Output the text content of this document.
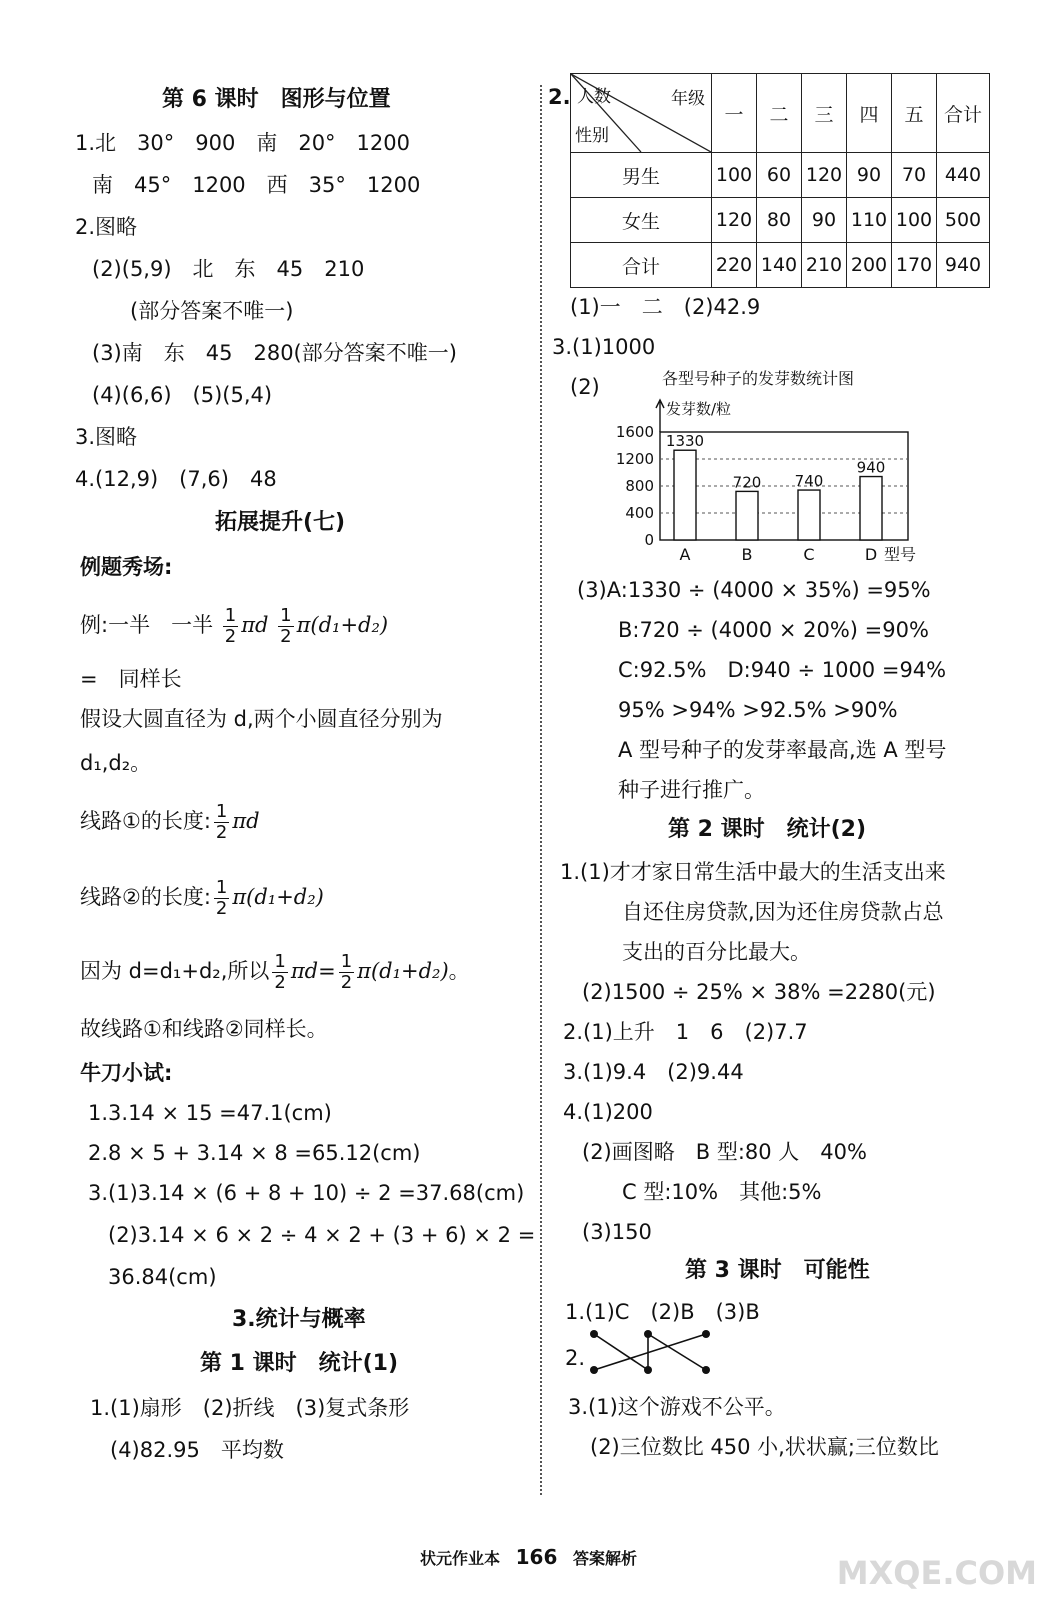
第 6 课时　图形与位置
1.北　30°　900　南　20°　1200
南　45°　1200　西　35°　1200
2.图略
(2)(5,9)　北　东　45　210
(部分答案不唯一)
(3)南　东　45　280(部分答案不唯一)
(4)(6,6)　(5)(5,4)
3.图略
4.(12,9)　(7,6)　48
拓展提升(七)
例题秀场:
例:一半　一半 $\frac{1}{2}$ πd $\frac{1}{2} \pi(d_1+d_2)$
=　同样长
假设大圆直径为 d,两个小圆直径分别为
d₁,d₂。
线路①的长度: $\frac{1}{2}$ πd
线路②的长度: $\frac{1}{2} \pi(d_1+d_2)$
因为 d=d₁+d₂,所以 $\frac{1}{2} \pi d= \frac{1}{2} \pi(d_1+d_2)$。
故线路①和线路②同样长。
牛刀小试:
1.3.14 × 15 =47.1(cm)
2.8 × 5 + 3.14 × 8 =65.12(cm)
3.(1)3.14 × (6 + 8 + 10) ÷ 2 =37.68(cm)
(2)3.14 × 6 × 2 ÷ 4 × 2 + (3 + 6) × 2 =
36.84(cm)
3.统计与概率
第 1 课时　统计(1)
1.(1)扇形　(2)折线　(3)复式条形
(4)82.95　平均数
2. 人数 年级
性别	一	二	三	四	五	合计
男生	100	60	120	90	70	440
女生	120	80	90	110	100	500
合计	220	140	210	200	170	940
(1)一　二　(2)42.9
3.(1)1000
(2)	各型号种子的发芽数统计图
发芽数/粒
0
400
800
1200
1600
1330
A
720
B
740
C
940
D 型号
(3)A:1330 ÷ (4000 × 35%) =95%
B:720 ÷ (4000 × 20%) =90%
C:92.5%　D:940 ÷ 1000 =94%
95% >94% >92.5% >90%
A 型号种子的发芽率最高,选 A 型号
种子进行推广。
第 2 课时　统计(2)
1.(1)才才家日常生活中最大的生活支出来
自还住房贷款,因为还住房贷款占总
支出的百分比最大。
(2)1500 ÷ 25% × 38% =2280(元)
2.(1)上升　1　6　(2)7.7
3.(1)9.4　(2)9.44
4.(1)200
(2)画图略　B 型:80 人　40%
C 型:10%　其他:5%
(3)150
第 3 课时　可能性
1.(1)C　(2)B　(3)B
2.
3.(1)这个游戏不公平。
(2)三位数比 450 小,状状赢;三位数比
状元作业本 166 答案解析	MXQE.COM
